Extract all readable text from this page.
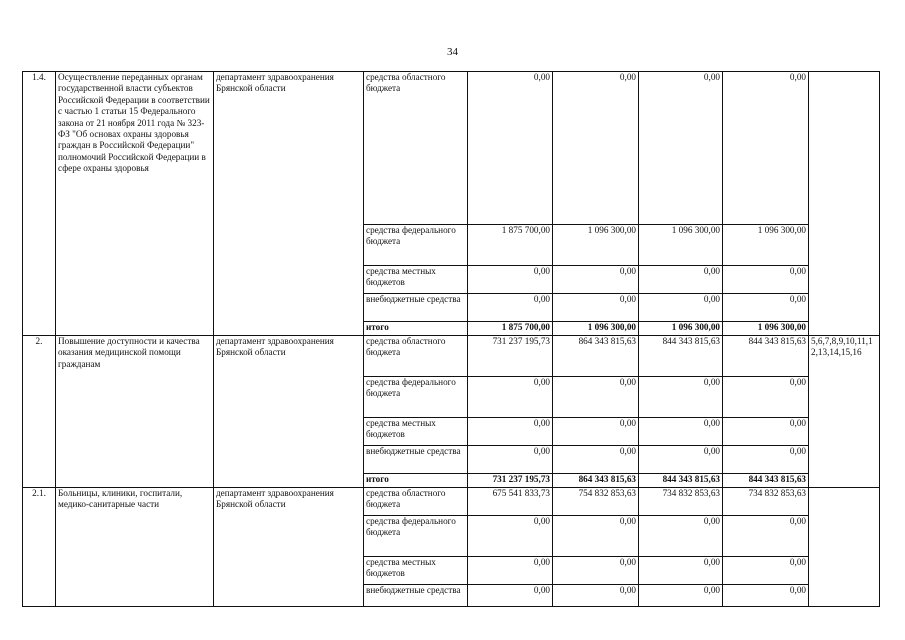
34
1.4.	Осуществление переданных органам государственной власти субъектов Российской Федерации в соответствии с частью 1 статьи 15 Федерального закона от 21 ноября 2011 года № 323-ФЗ "Об основах охраны здоровья граждан в Российской Федерации" полномочий Российской Федерации в сфере охраны здоровья	департамент здравоохранения Брянской области	средства областного бюджета	0,00	0,00	0,00	0,00	
			средства федерального бюджета	1 875 700,00	1 096 300,00	1 096 300,00	1 096 300,00	
			средства местных бюджетов	0,00	0,00	0,00	0,00	
			внебюджетные средства	0,00	0,00	0,00	0,00	
			итого	1 875 700,00	1 096 300,00	1 096 300,00	1 096 300,00	
2.	Повышение доступности и качества оказания медицинской помощи гражданам	департамент здравоохранения Брянской области	средства областного бюджета	731 237 195,73	864 343 815,63	844 343 815,63	844 343 815,63	5,6,7,8,9,10,11,12,13,14,15,16
			средства федерального бюджета	0,00	0,00	0,00	0,00	
			средства местных бюджетов	0,00	0,00	0,00	0,00	
			внебюджетные средства	0,00	0,00	0,00	0,00	
			итого	731 237 195,73	864 343 815,63	844 343 815,63	844 343 815,63	
2.1.	Больницы, клиники, госпитали, медико-санитарные части	департамент здравоохранения Брянской области	средства областного бюджета	675 541 833,73	754 832 853,63	734 832 853,63	734 832 853,63	
			средства федерального бюджета	0,00	0,00	0,00	0,00	
			средства местных бюджетов	0,00	0,00	0,00	0,00	
			внебюджетные средства	0,00	0,00	0,00	0,00	
